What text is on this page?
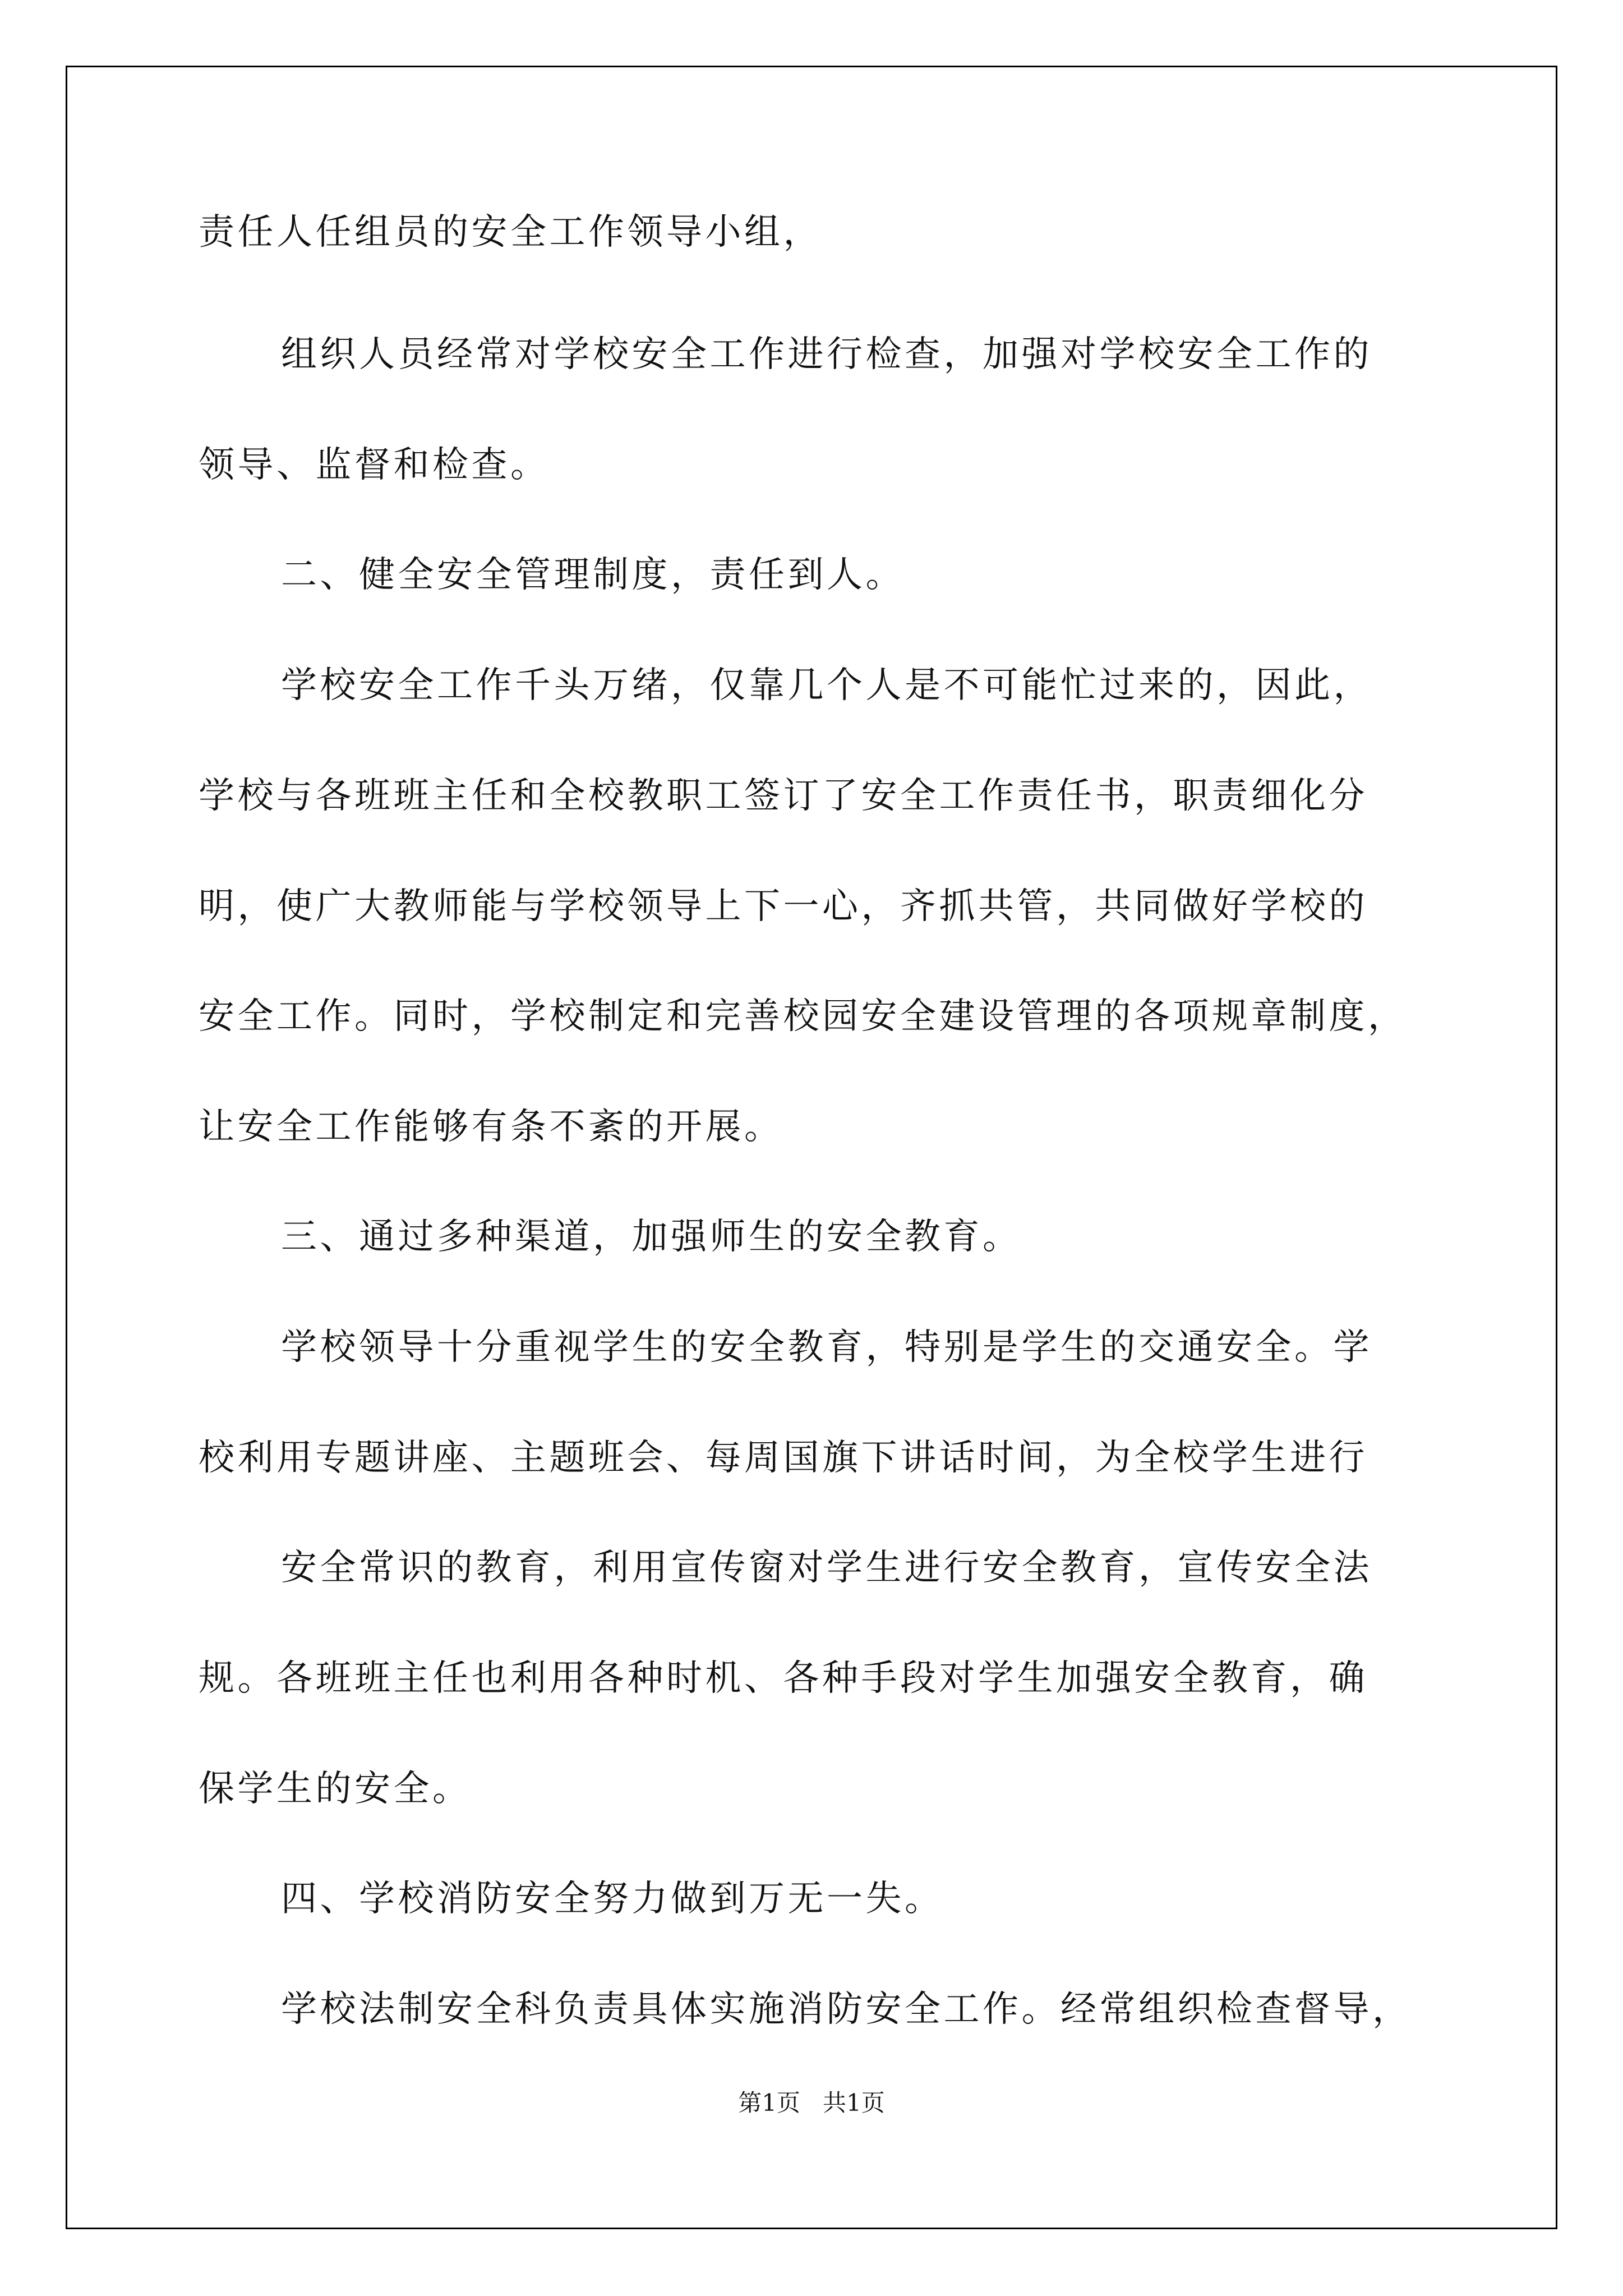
责任人任组员的安全工作领导小组，
组织人员经常对学校安全工作进行检查，加强对学校安全工作的
领导、监督和检查。
二、健全安全管理制度，责任到人。
学校安全工作千头万绪，仅靠几个人是不可能忙过来的，因此，
学校与各班班主任和全校教职工签订了安全工作责任书，职责细化分
明，使广大教师能与学校领导上下一心，齐抓共管，共同做好学校的
安全工作。同时，学校制定和完善校园安全建设管理的各项规章制度，
让安全工作能够有条不紊的开展。
三、通过多种渠道，加强师生的安全教育。
学校领导十分重视学生的安全教育，特别是学生的交通安全。学
校利用专题讲座、主题班会、每周国旗下讲话时间，为全校学生进行
安全常识的教育，利用宣传窗对学生进行安全教育，宣传安全法
规。各班班主任也利用各种时机、各种手段对学生加强安全教育，确
保学生的安全。
四、学校消防安全努力做到万无一失。
学校法制安全科负责具体实施消防安全工作。经常组织检查督导，
第1页   共1页
